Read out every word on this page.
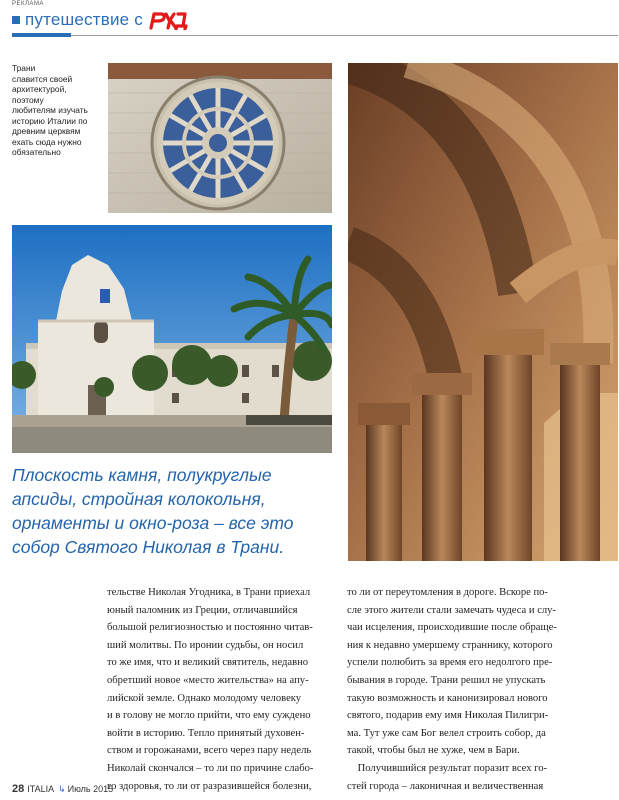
РЕКЛАМА
путешествие с
Трани
славится своей
архитектурой,
поэтому
любителям изучать
историю Италии по
древним церквям
ехать сюда нужно
обязательно
Плоскость камня, полукруглые
апсиды, стройная колокольня,
орнаменты и окно-роза – все это
собор Святого Николая в Трани.
тельстве Николая Угодника, в Трани приехал
юный паломник из Греции, отличавшийся
большой религиозностью и постоянно читав-
ший молитвы. По иронии судьбы, он носил
то же имя, что и великий святитель, недавно
обретший новое «место жительства» на апу-
лийской земле. Однако молодому человеку
и в голову не могло прийти, что ему суждено
войти в историю. Тепло принятый духовен-
ством и горожанами, всего через пару недель
Николай скончался – то ли по причине слабо-
го здоровья, то ли от разразившейся болезни,
то ли от переутомления в дороге. Вскоре по-
сле этого жители стали замечать чудеса и слу-
чаи исцеления, происходившие после обраще-
ния к недавно умершему страннику, которого
успели полюбить за время его недолгого пре-
бывания в городе. Трани решил не упускать
такую возможность и канонизировал нового
святого, подарив ему имя Николая Пилигри-
ма. Тут уже сам Бог велел строить собор, да
такой, чтобы был не хуже, чем в Бари.
Получившийся результат поразит всех го-
стей города – лаконичная и величественная
28 ITALIA ↳ Июль 2015
